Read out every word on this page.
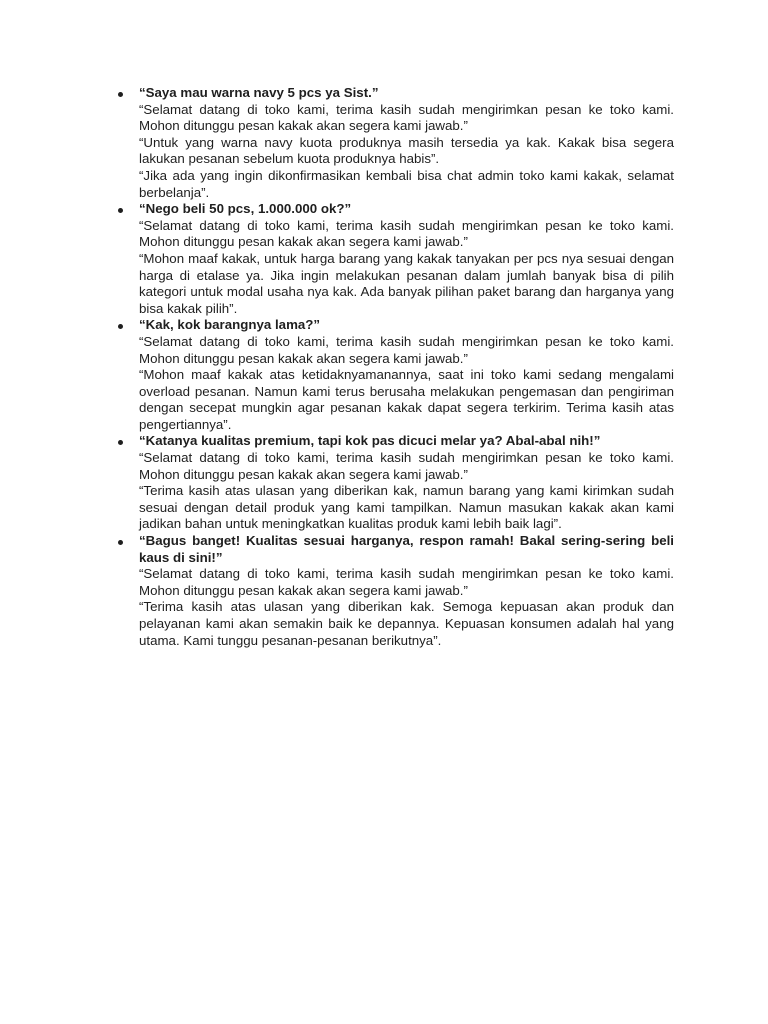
“Saya mau warna navy 5 pcs ya Sist.”

“Selamat datang di toko kami, terima kasih sudah mengirimkan pesan ke toko kami. Mohon ditunggu pesan kakak akan segera kami jawab.”

“Untuk yang warna navy kuota produknya masih tersedia ya kak. Kakak bisa segera lakukan pesanan sebelum kuota produknya habis”.

“Jika ada yang ingin dikonfirmasikan kembali bisa chat admin toko kami kakak, selamat berbelanja”.

“Nego beli 50 pcs, 1.000.000 ok?”

“Selamat datang di toko kami, terima kasih sudah mengirimkan pesan ke toko kami. Mohon ditunggu pesan kakak akan segera kami jawab.”

“Mohon maaf kakak, untuk harga barang yang kakak tanyakan per pcs nya sesuai dengan harga di etalase ya. Jika ingin melakukan pesanan dalam jumlah banyak bisa di pilih kategori untuk modal usaha nya kak. Ada banyak pilihan paket barang dan harganya yang bisa kakak pilih”.

“Kak, kok barangnya lama?”

“Selamat datang di toko kami, terima kasih sudah mengirimkan pesan ke toko kami. Mohon ditunggu pesan kakak akan segera kami jawab.”

“Mohon maaf kakak atas ketidaknyamanannya, saat ini toko kami sedang mengalami overload pesanan. Namun kami terus berusaha melakukan pengemasan dan pengiriman dengan secepat mungkin agar pesanan kakak dapat segera terkirim. Terima kasih atas pengertiannya”.

“Katanya kualitas premium, tapi kok pas dicuci melar ya? Abal-abal nih!”

“Selamat datang di toko kami, terima kasih sudah mengirimkan pesan ke toko kami. Mohon ditunggu pesan kakak akan segera kami jawab.”

“Terima kasih atas ulasan yang diberikan kak, namun barang yang kami kirimkan sudah sesuai dengan detail produk yang kami tampilkan. Namun masukan kakak akan kami jadikan bahan untuk meningkatkan kualitas produk kami lebih baik lagi”.

“Bagus banget! Kualitas sesuai harganya, respon ramah! Bakal sering-sering beli kaus di sini!”

“Selamat datang di toko kami, terima kasih sudah mengirimkan pesan ke toko kami. Mohon ditunggu pesan kakak akan segera kami jawab.”

“Terima kasih atas ulasan yang diberikan kak. Semoga kepuasan akan produk dan pelayanan kami akan semakin baik ke depannya. Kepuasan konsumen adalah hal yang utama. Kami tunggu pesanan-pesanan berikutnya”.
